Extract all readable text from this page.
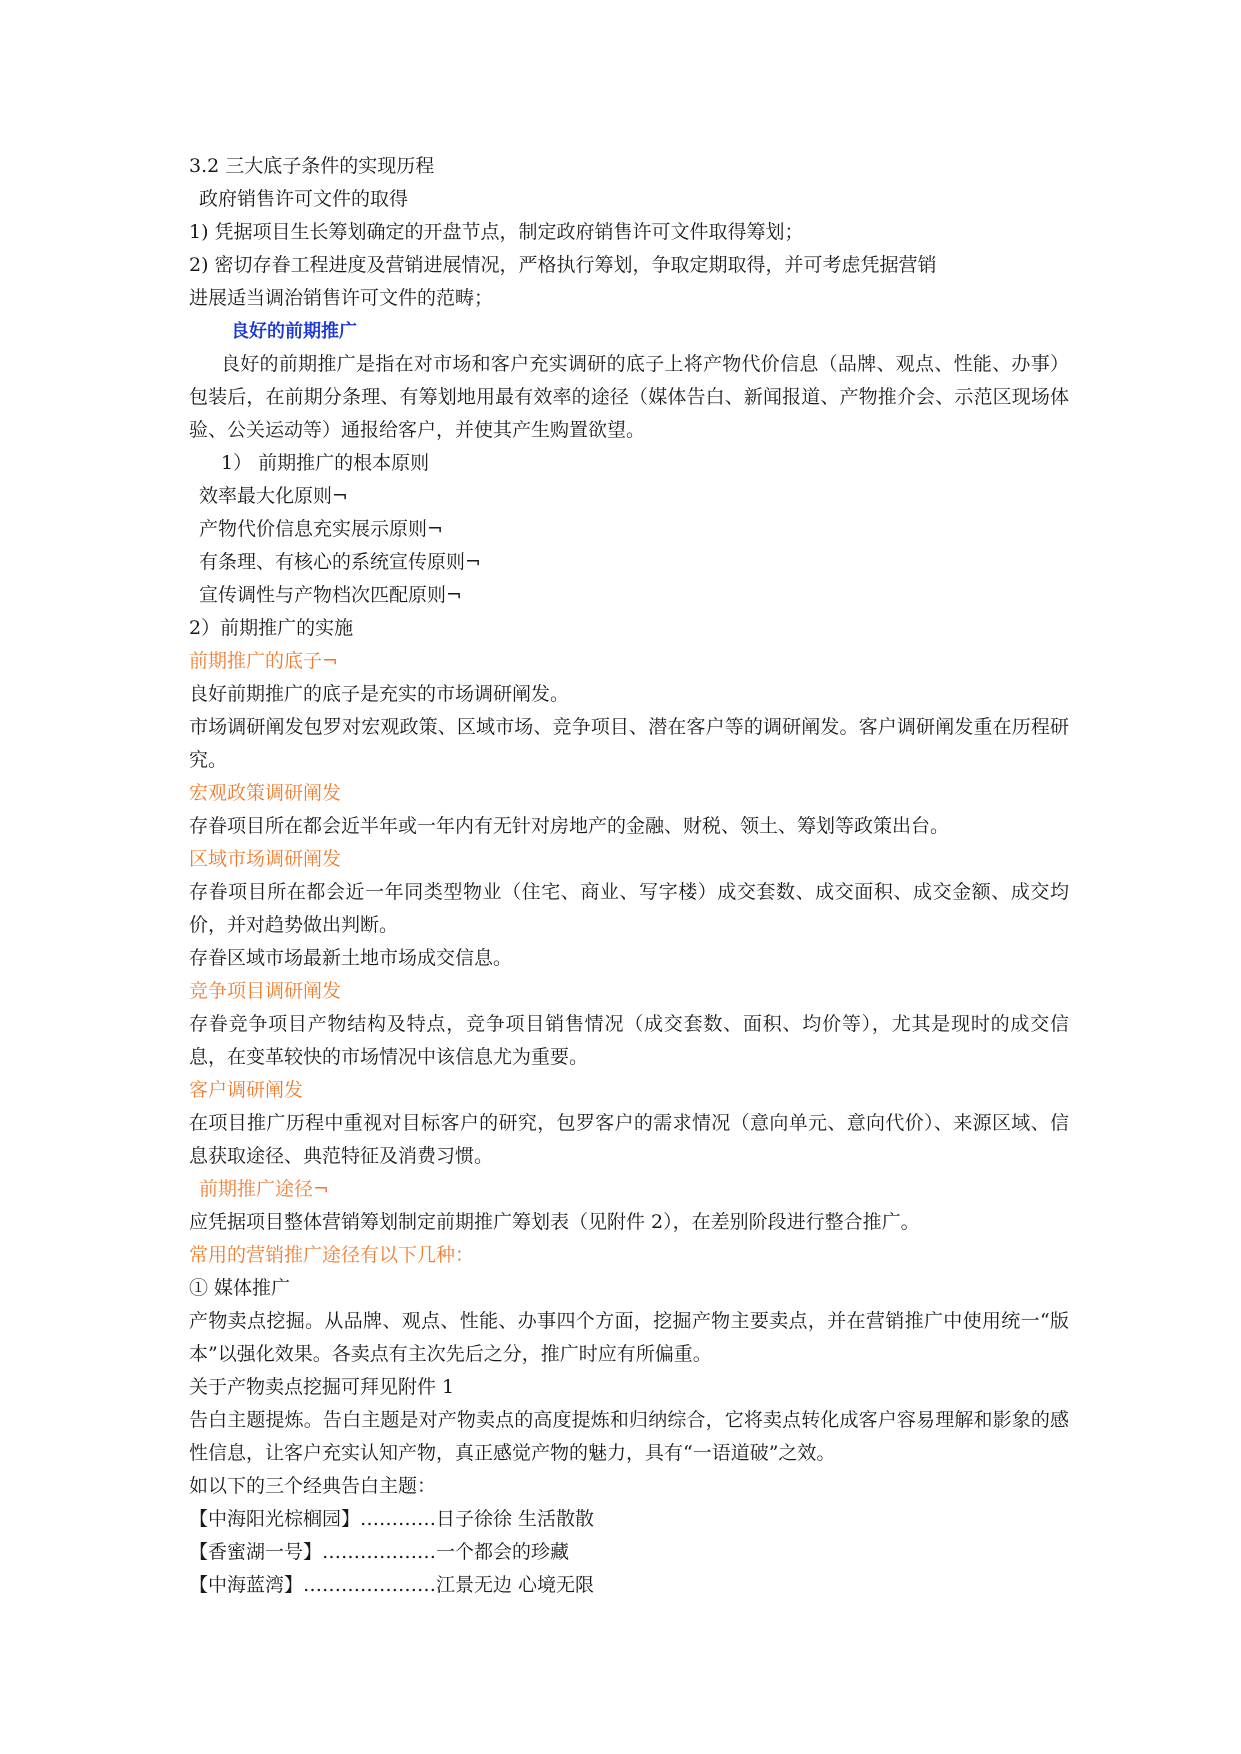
3.2 三大底子条件的实现历程
政府销售许可文件的取得
1) 凭据项目生长筹划确定的开盘节点，制定政府销售许可文件取得筹划；
2) 密切存眷工程进度及营销进展情况，严格执行筹划，争取定期取得，并可考虑凭据营销
进展适当调治销售许可文件的范畴；
良好的前期推广
良好的前期推广是指在对市场和客户充实调研的底子上将产物代价信息（品牌、观点、性能、办事）包装后，在前期分条理、有筹划地用最有效率的途径（媒体告白、新闻报道、产物推介会、示范区现场体验、公关运动等）通报给客户，并使其产生购置欲望。
1） 前期推广的根本原则
效率最大化原则¬
产物代价信息充实展示原则¬
有条理、有核心的系统宣传原则¬
宣传调性与产物档次匹配原则¬
2）前期推广的实施
前期推广的底子¬
良好前期推广的底子是充实的市场调研阐发。
市场调研阐发包罗对宏观政策、区域市场、竞争项目、潜在客户等的调研阐发。客户调研阐发重在历程研究。
宏观政策调研阐发
存眷项目所在都会近半年或一年内有无针对房地产的金融、财税、领土、筹划等政策出台。
区域市场调研阐发
存眷项目所在都会近一年同类型物业（住宅、商业、写字楼）成交套数、成交面积、成交金额、成交均价，并对趋势做出判断。
存眷区域市场最新土地市场成交信息。
竞争项目调研阐发
存眷竞争项目产物结构及特点，竞争项目销售情况（成交套数、面积、均价等），尤其是现时的成交信息，在变革较快的市场情况中该信息尤为重要。
客户调研阐发
在项目推广历程中重视对目标客户的研究，包罗客户的需求情况（意向单元、意向代价）、来源区域、信息获取途径、典范特征及消费习惯。
前期推广途径¬
应凭据项目整体营销筹划制定前期推广筹划表（见附件 2），在差别阶段进行整合推广。
常用的营销推广途径有以下几种：
① 媒体推广
产物卖点挖掘。从品牌、观点、性能、办事四个方面，挖掘产物主要卖点，并在营销推广中使用统一“版本”以强化效果。各卖点有主次先后之分，推广时应有所偏重。
关于产物卖点挖掘可拜见附件 1
告白主题提炼。告白主题是对产物卖点的高度提炼和归纳综合，它将卖点转化成客户容易理解和影象的感性信息，让客户充实认知产物，真正感觉产物的魅力，具有“一语道破”之效。
如以下的三个经典告白主题：
【中海阳光棕榈园】…………日子徐徐 生活散散
【香蜜湖一号】………………一个都会的珍藏
【中海蓝湾】…………………江景无边 心境无限
